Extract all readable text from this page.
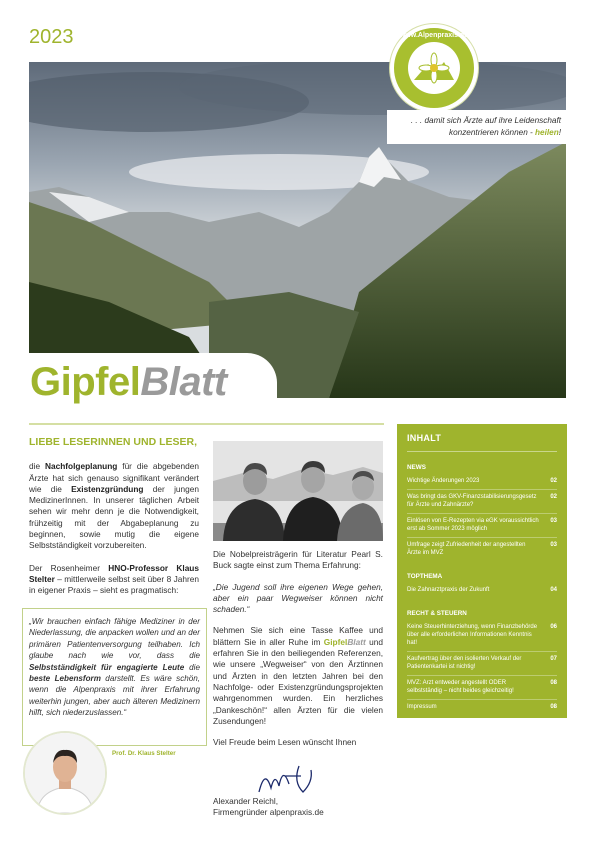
2023	www.Alpenpraxis.de
. . . damit sich Ärzte auf ihre Leidenschaft
konzentrieren können - heilen!
GipfelBlatt
LIEBE LESERINNEN UND LESER,

die Nachfolgeplanung für die abgebenden Ärzte hat sich genauso signifikant verändert wie die Existenzgründung der jungen MedizinerInnen. In unserer täglichen Arbeit sehen wir mehr denn je die Notwendigkeit, frühzeitig mit der Abgabeplanung zu beginnen, sowie mutig die eigene Selbstständigkeit vorzubereiten.

Der Rosenheimer HNO-Professor Klaus Stelter – mittlerweile selbst seit über 8 Jahren in eigener Praxis – sieht es pragmatisch:

„Wir brauchen einfach fähige Mediziner in der Niederlassung, die anpacken wollen und an der primären Patientenversorgung teilhaben. Ich glaube nach wie vor, dass die Selbstständigkeit für engagierte Leute die beste Lebensform darstellt. Es wäre schön, wenn die Alpenpraxis mit ihrer Erfahrung weiterhin jungen, aber auch älteren Medizinern hilft, sich niederzuslassen.“
Prof. Dr. Klaus Stelter

Die Nobelpreisträgerin für Literatur Pearl S. Buck sagte einst zum Thema Erfahrung:

„Die Jugend soll ihre eigenen Wege gehen, aber ein paar Wegweiser können nicht schaden.“

Nehmen Sie sich eine Tasse Kaffee und blättern Sie in aller Ruhe im GipfelBlatt und erfahren Sie in den beiliegenden Referenzen, wie unsere „Wegweiser“ von den Ärztinnen und Ärzten in den letzten Jahren bei den Nachfolge- oder Existenzgründungsprojekten wahrgenommen wurden. Ein herzliches „Dankeschön!“ allen Ärzten für die vielen Zusendungen!

Viel Freude beim Lesen wünscht Ihnen

Alexander Reichl,
Firmengründer alpenpraxis.de
INHALT
NEWS
Wichtige Änderungen 2023	02
Was bringt das GKV-Finanzstabilisierungsgesetz für Ärzte und Zahnärzte?
02
Einlösen von E-Rezepten via eGK voraussichtlich erst ab Sommer 2023 möglich
03
Umfrage zeigt Zufriedenheit der angestellten Ärzte im MVZ
03
TOPTHEMA
Die Zahnarztpraxis der Zukunft	04
RECHT & STEUERN
Keine Steuerhinterziehung, wenn Finanzbehörde über alle erforderlichen Informationen Kenntnis hat!
06
Kaufvertrag über den isolierten Verkauf der Patientenkartei ist nichtig!
07
MVZ: Arzt entweder angestellt ODER selbstständig – nicht beides gleichzeitig!
08
Impressum	08
